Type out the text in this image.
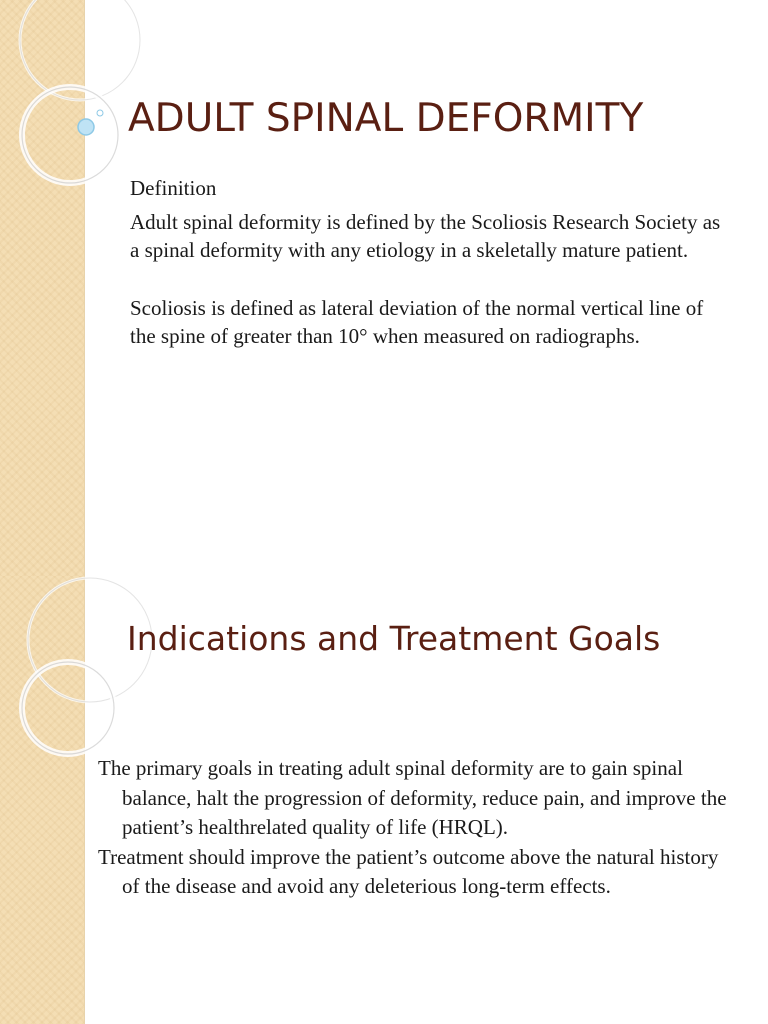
ADULT SPINAL DEFORMITY

Definition

Adult spinal deformity is defined by the Scoliosis Research Society as a spinal deformity with any etiology in a skeletally mature patient.

Scoliosis is defined as lateral deviation of the normal vertical line of the spine of greater than 10° when measured on radiographs.

Indications and Treatment Goals

The primary goals in treating adult spinal deformity are to gain spinal balance, halt the progression of deformity, reduce pain, and improve the patient’s healthrelated quality of life (HRQL).

Treatment should improve the patient’s outcome above the natural history of the disease and avoid any deleterious long-term effects.
